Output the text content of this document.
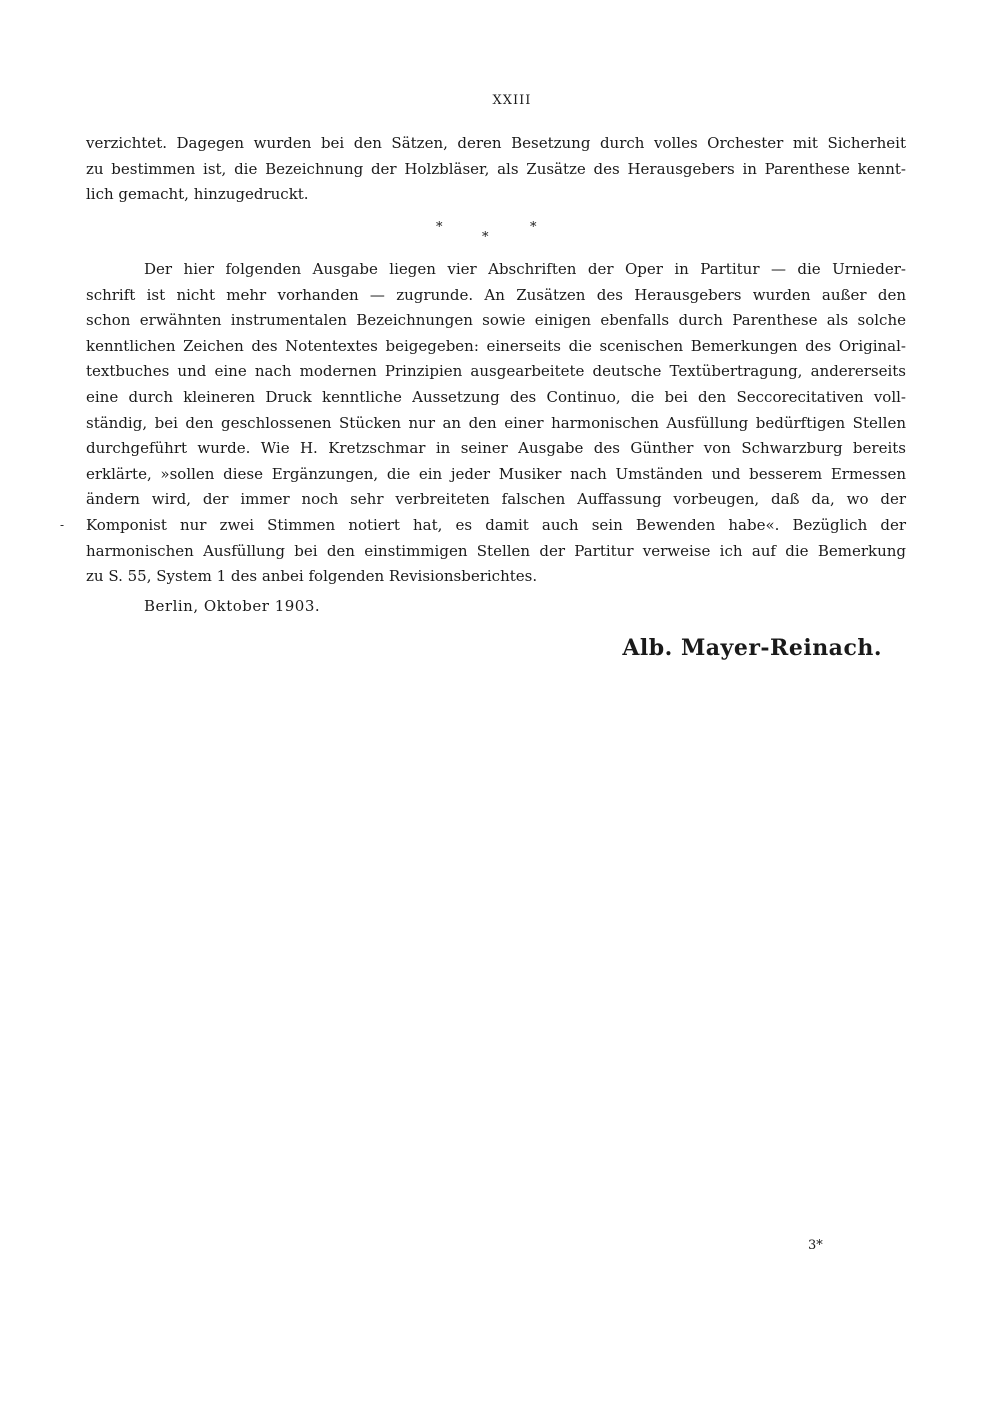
XXIII
verzichtet. Dagegen wurden bei den Sätzen, deren Besetzung durch volles Orchester mit Sicherheit
zu bestimmen ist, die Bezeichnung der Holzbläser, als Zusätze des Herausgebers in Parenthese kennt-
lich gemacht, hinzugedruckt.
*
*
*
Der hier folgenden Ausgabe liegen vier Abschriften der Oper in Partitur — die Urnieder-
schrift ist nicht mehr vorhanden — zugrunde. An Zusätzen des Herausgebers wurden außer den
schon erwähnten instrumentalen Bezeichnungen sowie einigen ebenfalls durch Parenthese als solche
kenntlichen Zeichen des Notentextes beigegeben: einerseits die scenischen Bemerkungen des Original-
textbuches und eine nach modernen Prinzipien ausgearbeitete deutsche Textübertragung, andererseits
eine durch kleineren Druck kenntliche Aussetzung des Continuo, die bei den Seccorecitativen voll-
ständig, bei den geschlossenen Stücken nur an den einer harmonischen Ausfüllung bedürftigen Stellen
durchgeführt wurde. Wie H. Kretzschmar in seiner Ausgabe des Günther von Schwarzburg bereits
erklärte, »sollen diese Ergänzungen, die ein jeder Musiker nach Umständen und besserem Ermessen
ändern wird, der immer noch sehr verbreiteten falschen Auffassung vorbeugen, daß da, wo der
Komponist nur zwei Stimmen notiert hat, es damit auch sein Bewenden habe«. Bezüglich der
harmonischen Ausfüllung bei den einstimmigen Stellen der Partitur verweise ich auf die Bemerkung
zu S. 55, System 1 des anbei folgenden Revisionsberichtes.
-
Berlin, Oktober 1903.
Alb. Mayer-Reinach.
3*
